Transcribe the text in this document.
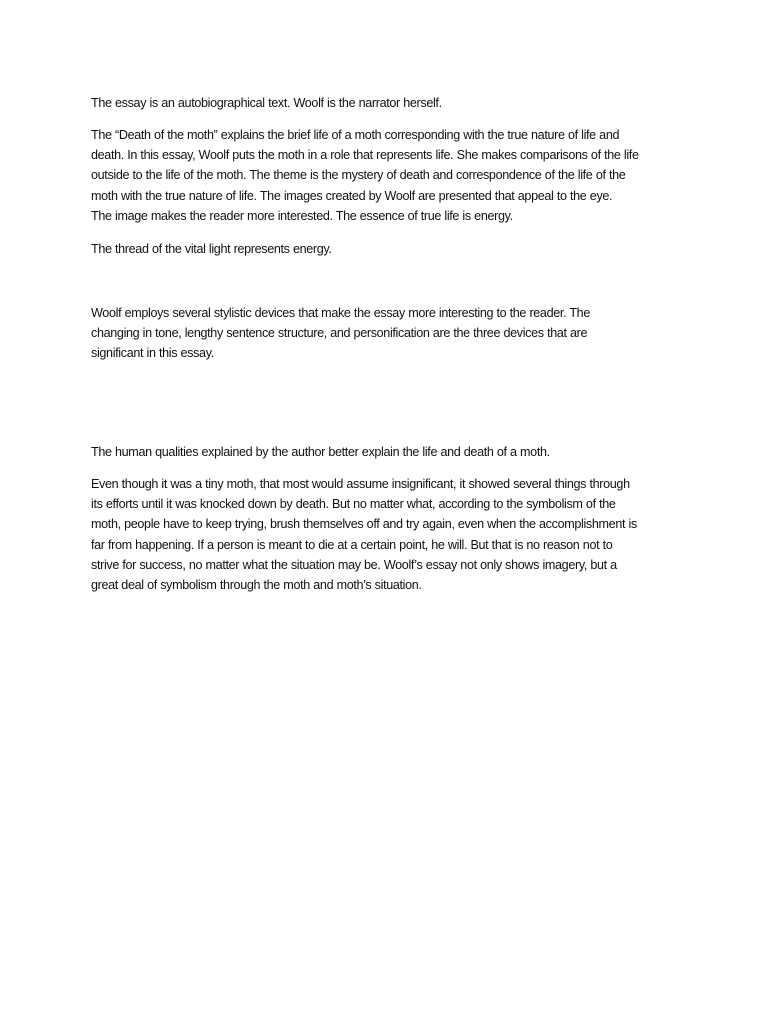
The essay is an autobiographical text. Woolf is the narrator herself.

The “Death of the moth” explains the brief life of a moth corresponding with the true nature of life and
death. In this essay, Woolf puts the moth in a role that represents life. She makes comparisons of the life
outside to the life of the moth. The theme is the mystery of death and correspondence of the life of the
moth with the true nature of life. The images created by Woolf are presented that appeal to the eye.
The image makes the reader more interested. The essence of true life is energy.

The thread of the vital light represents energy.

Woolf employs several stylistic devices that make the essay more interesting to the reader. The
changing in tone, lengthy sentence structure, and personification are the three devices that are
significant in this essay.

The human qualities explained by the author better explain the life and death of a moth.

Even though it was a tiny moth, that most would assume insignificant, it showed several things through
its efforts until it was knocked down by death. But no matter what, according to the symbolism of the
moth, people have to keep trying, brush themselves off and try again, even when the accomplishment is
far from happening. If a person is meant to die at a certain point, he will. But that is no reason not to
strive for success, no matter what the situation may be. Woolf’s essay not only shows imagery, but a
great deal of symbolism through the moth and moth’s situation.
